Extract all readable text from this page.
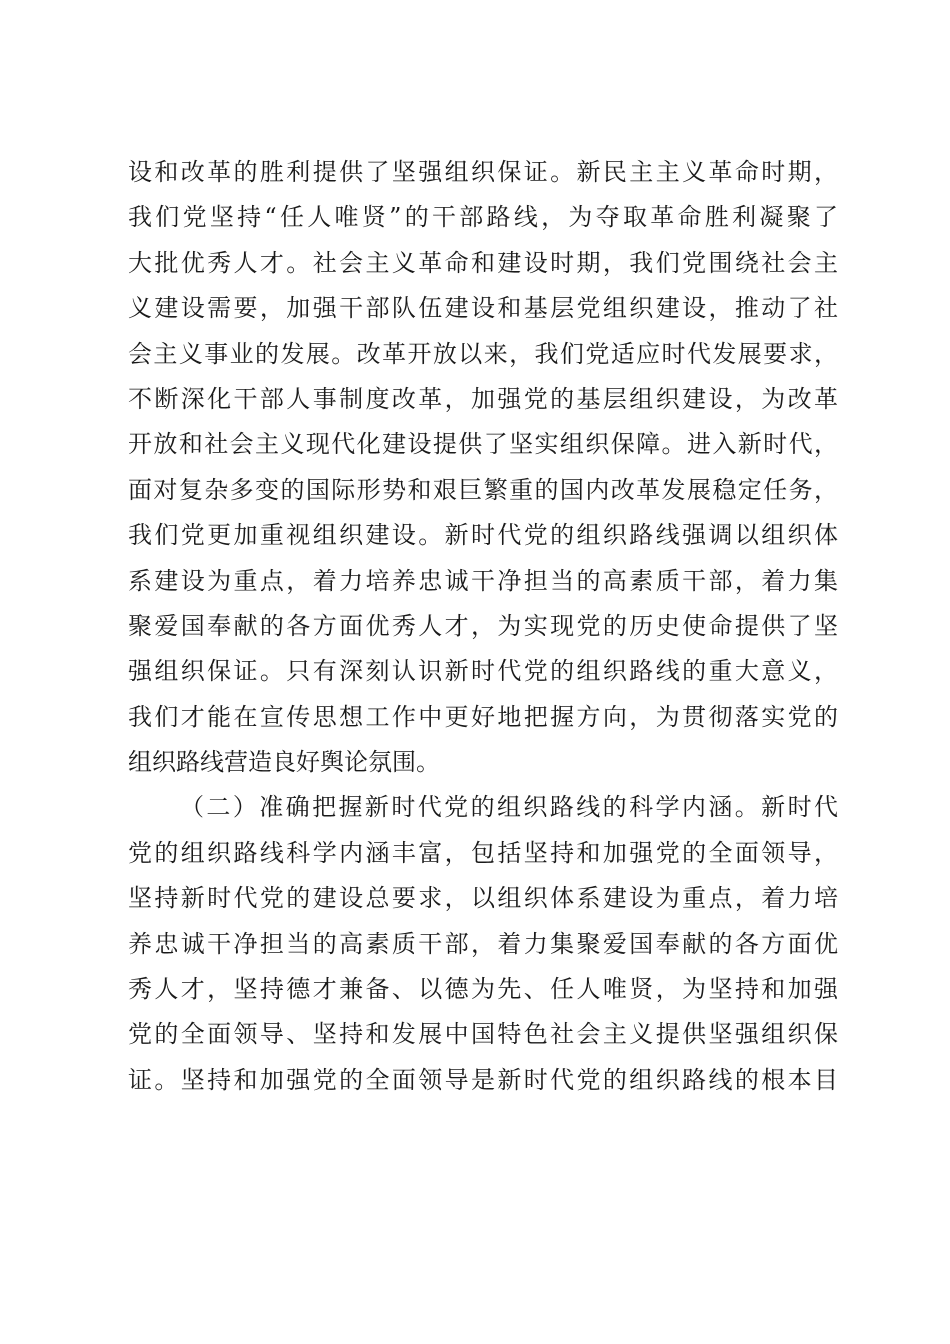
设和改革的胜利提供了坚强组织保证。新民主主义革命时期，
我们党坚持“任人唯贤”的干部路线，为夺取革命胜利凝聚了
大批优秀人才。社会主义革命和建设时期，我们党围绕社会主
义建设需要，加强干部队伍建设和基层党组织建设，推动了社
会主义事业的发展。改革开放以来，我们党适应时代发展要求，
不断深化干部人事制度改革，加强党的基层组织建设，为改革
开放和社会主义现代化建设提供了坚实组织保障。进入新时代，
面对复杂多变的国际形势和艰巨繁重的国内改革发展稳定任务，
我们党更加重视组织建设。新时代党的组织路线强调以组织体
系建设为重点，着力培养忠诚干净担当的高素质干部，着力集
聚爱国奉献的各方面优秀人才，为实现党的历史使命提供了坚
强组织保证。只有深刻认识新时代党的组织路线的重大意义，
我们才能在宣传思想工作中更好地把握方向，为贯彻落实党的
组织路线营造良好舆论氛围。
（二）准确把握新时代党的组织路线的科学内涵。新时代
党的组织路线科学内涵丰富，包括坚持和加强党的全面领导，
坚持新时代党的建设总要求，以组织体系建设为重点，着力培
养忠诚干净担当的高素质干部，着力集聚爱国奉献的各方面优
秀人才，坚持德才兼备、以德为先、任人唯贤，为坚持和加强
党的全面领导、坚持和发展中国特色社会主义提供坚强组织保
证。坚持和加强党的全面领导是新时代党的组织路线的根本目
